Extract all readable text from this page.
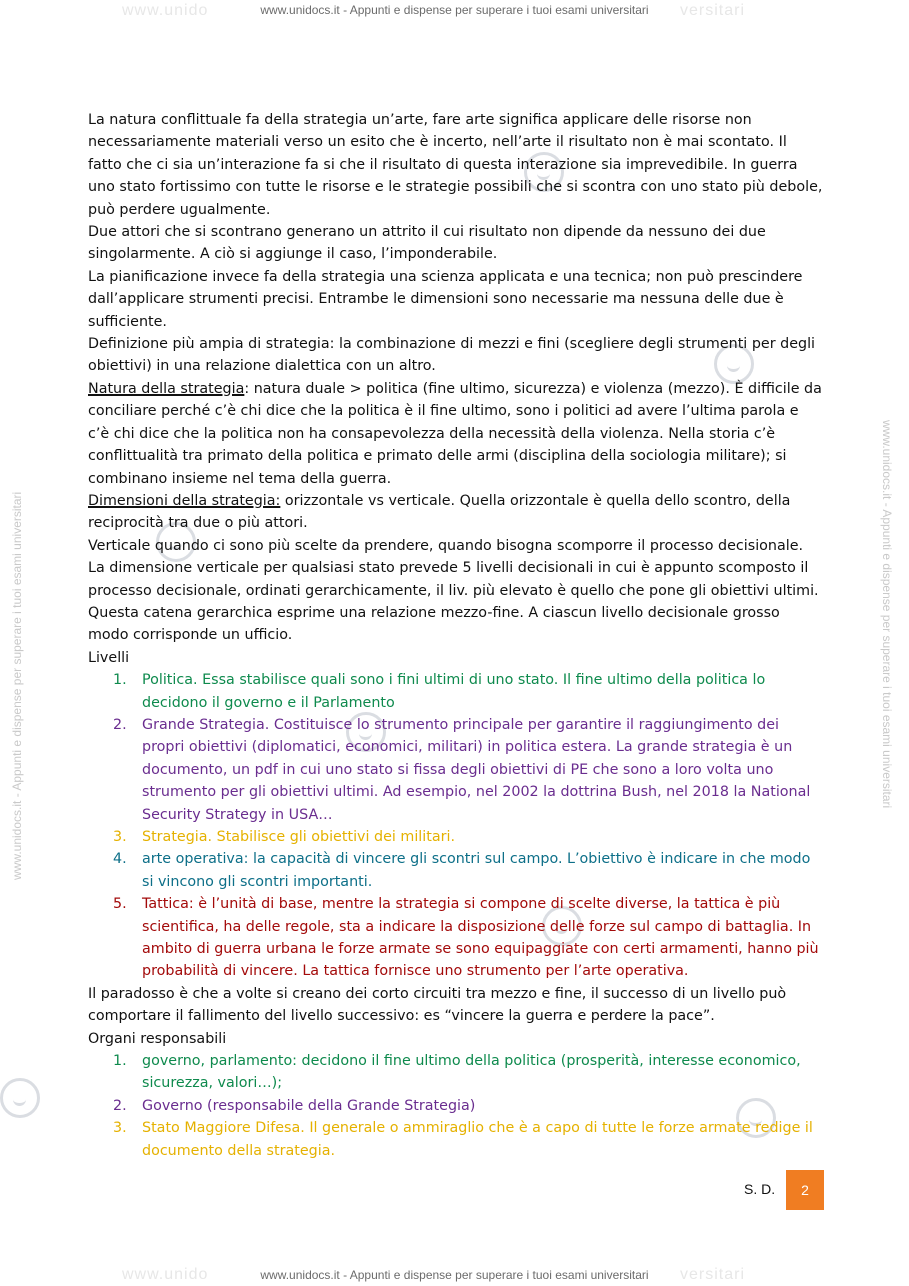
www.unido	versitari
www.unidocs.it - Appunti e dispense per superare i tuoi esami universitari
www.unidocs.it - Appunti e dispense per superare i tuoi esami universitari	www.unidocs.it - Appunti e dispense per superare i tuoi esami universitari

La natura conflittuale fa della strategia un’arte, fare arte significa applicare delle risorse non necessariamente materiali verso un esito che è incerto, nell’arte il risultato non è mai scontato. Il fatto che ci sia un’interazione fa si che il risultato di questa interazione sia imprevedibile. In guerra uno stato fortissimo con tutte le risorse e le strategie possibili che si scontra con uno stato più debole, può perdere ugualmente.

Due attori che si scontrano generano un attrito il cui risultato non dipende da nessuno dei due singolarmente. A ciò si aggiunge il caso, l’imponderabile.

La pianificazione invece fa della strategia una scienza applicata e una tecnica; non può prescindere dall’applicare strumenti precisi. Entrambe le dimensioni sono necessarie ma nessuna delle due è sufficiente.

Definizione più ampia di strategia: la combinazione di mezzi e fini (scegliere degli strumenti per degli obiettivi) in una relazione dialettica con un altro.

Natura della strategia: natura duale > politica (fine ultimo, sicurezza) e violenza (mezzo). È difficile da conciliare perché c’è chi dice che la politica è il fine ultimo, sono i politici ad avere l’ultima parola e c’è chi dice che la politica non ha consapevolezza della necessità della violenza. Nella storia c’è conflittualità tra primato della politica e primato delle armi (disciplina della sociologia militare); si combinano insieme nel tema della guerra.

Dimensioni della strategia: orizzontale vs verticale. Quella orizzontale è quella dello scontro, della reciprocità tra due o più attori.

Verticale quando ci sono più scelte da prendere, quando bisogna scomporre il processo decisionale. La dimensione verticale per qualsiasi stato prevede 5 livelli decisionali in cui è appunto scomposto il processo decisionale, ordinati gerarchicamente, il liv. più elevato è quello che pone gli obiettivi ultimi. Questa catena gerarchica esprime una relazione mezzo-fine. A ciascun livello decisionale grosso modo corrisponde un ufficio.

Livelli

1. Politica. Essa stabilisce quali sono i fini ultimi di uno stato. Il fine ultimo della politica lo decidono il governo e il Parlamento
2. Grande Strategia. Costituisce lo strumento principale per garantire il raggiungimento dei propri obiettivi (diplomatici, economici, militari) in politica estera. La grande strategia è un documento, un pdf in cui uno stato si fissa degli obiettivi di PE che sono a loro volta uno strumento per gli obiettivi ultimi. Ad esempio, nel 2002 la dottrina Bush, nel 2018 la National Security Strategy in USA…
3. Strategia. Stabilisce gli obiettivi dei militari.
4. arte operativa: la capacità di vincere gli scontri sul campo. L’obiettivo è indicare in che modo si vincono gli scontri importanti.
5. Tattica: è l’unità di base, mentre la strategia si compone di scelte diverse, la tattica è più scientifica, ha delle regole, sta a indicare la disposizione delle forze sul campo di battaglia. In ambito di guerra urbana le forze armate se sono equipaggiate con certi armamenti, hanno più probabilità di vincere. La tattica fornisce uno strumento per l’arte operativa.

Il paradosso è che a volte si creano dei corto circuiti tra mezzo e fine, il successo di un livello può comportare il fallimento del livello successivo: es “vincere la guerra e perdere la pace”.

Organi responsabili

1. governo, parlamento: decidono il fine ultimo della politica (prosperità, interesse economico, sicurezza, valori…);
2. Governo (responsabile della Grande Strategia)
3. Stato Maggiore Difesa. Il generale o ammiraglio che è a capo di tutte le forze armate redige il documento della strategia.
S. D.	2
www.unido	versitari
www.unidocs.it - Appunti e dispense per superare i tuoi esami universitari
